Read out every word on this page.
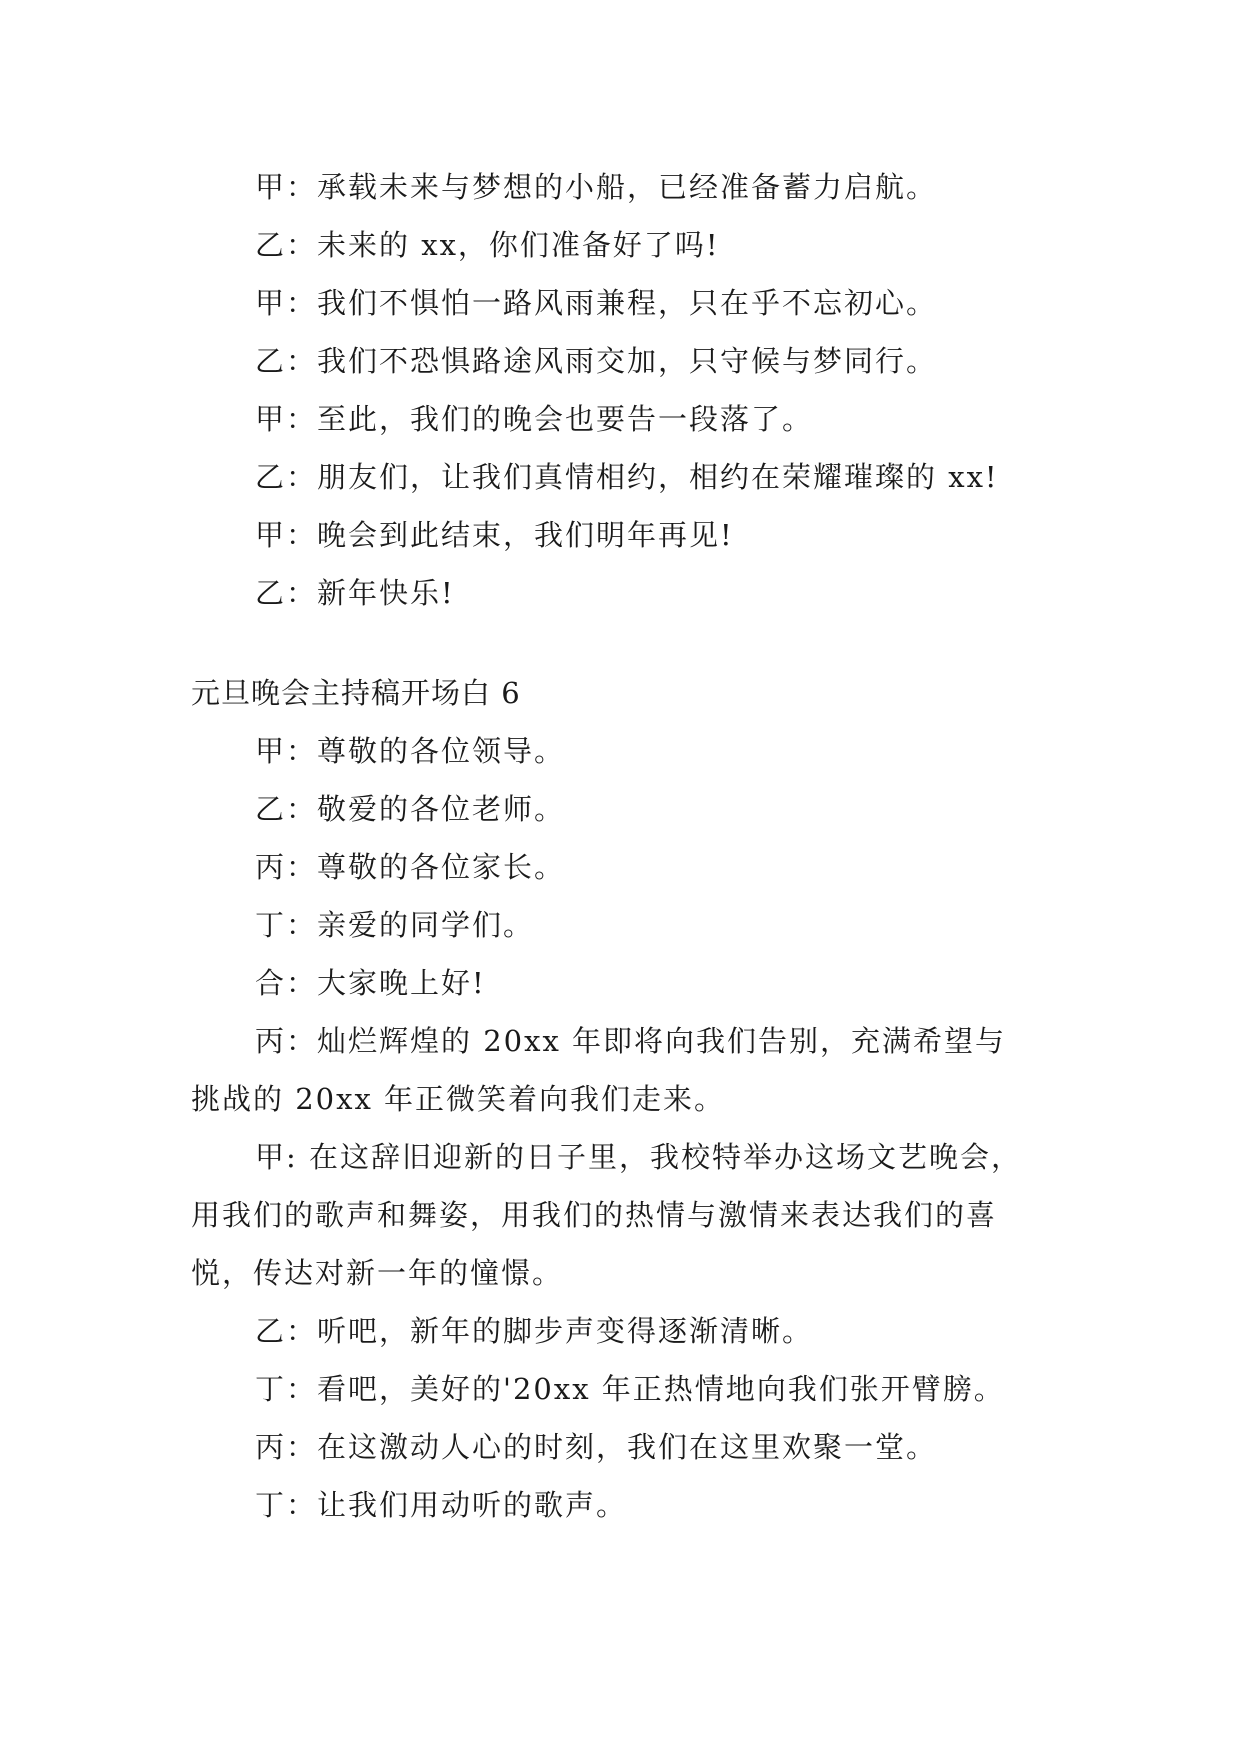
甲：承载未来与梦想的小船，已经准备蓄力启航。

乙：未来的 xx，你们准备好了吗!

甲：我们不惧怕一路风雨兼程，只在乎不忘初心。

乙：我们不恐惧路途风雨交加，只守候与梦同行。

甲：至此，我们的晚会也要告一段落了。

乙：朋友们，让我们真情相约，相约在荣耀璀璨的 xx!

甲：晚会到此结束，我们明年再见!

乙：新年快乐!

元旦晚会主持稿开场白 6

甲：尊敬的各位领导。

乙：敬爱的各位老师。

丙：尊敬的各位家长。

丁：亲爱的同学们。

合：大家晚上好!

丙：灿烂辉煌的 20xx 年即将向我们告别，充满希望与

挑战的 20xx 年正微笑着向我们走来。

甲: 在这辞旧迎新的日子里，我校特举办这场文艺晚会，

用我们的歌声和舞姿，用我们的热情与激情来表达我们的喜

悦，传达对新一年的憧憬。

乙：听吧，新年的脚步声变得逐渐清晰。

丁：看吧，美好的'20xx 年正热情地向我们张开臂膀。

丙：在这激动人心的时刻，我们在这里欢聚一堂。

丁：让我们用动听的歌声。
